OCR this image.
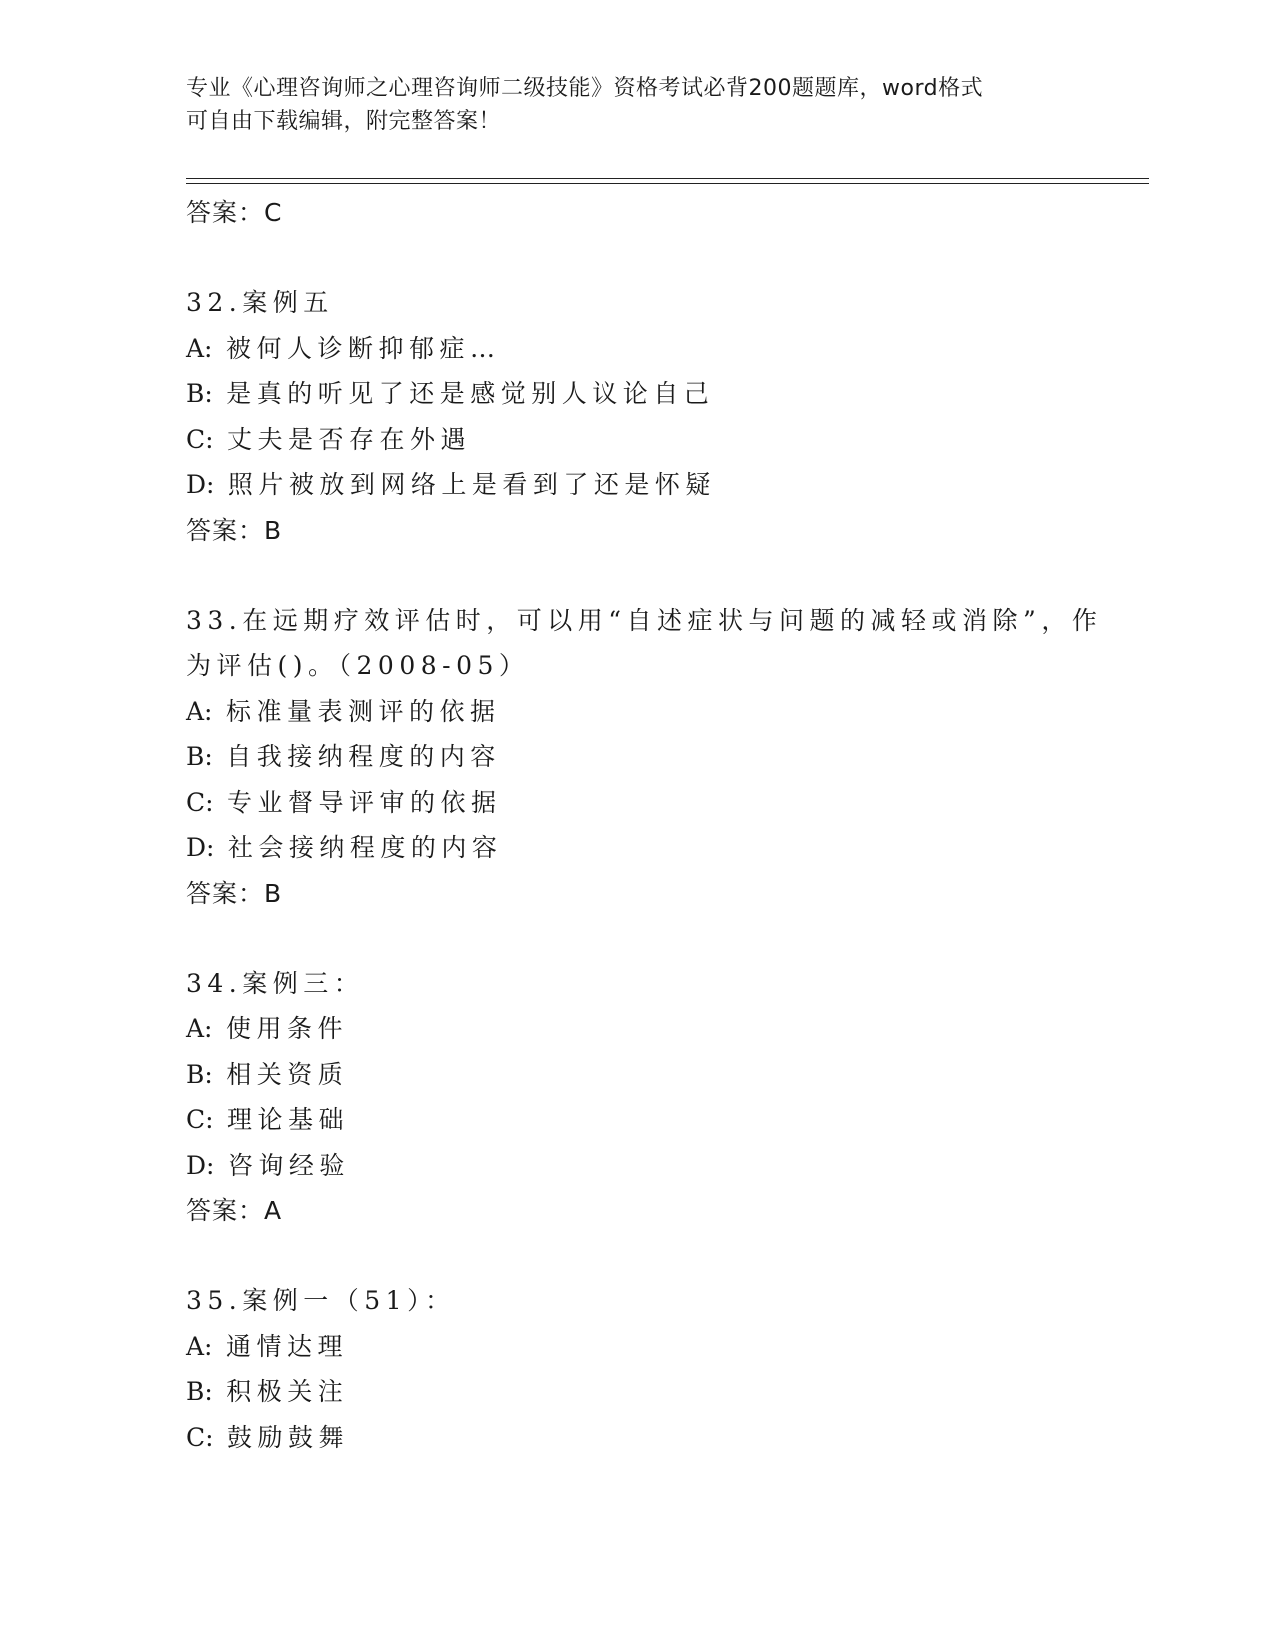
专业《心理咨询师之心理咨询师二级技能》资格考试必背200题题库，word格式
可自由下载编辑，附完整答案！
答案：C
32.案例五
A: 被何人诊断抑郁症…
B: 是真的听见了还是感觉别人议论自己
C: 丈夫是否存在外遇
D: 照片被放到网络上是看到了还是怀疑
答案：B
33.在远期疗效评估时，可以用“自述症状与问题的减轻或消除”，作
为评估()。（2008-05）
A: 标准量表测评的依据
B: 自我接纳程度的内容
C: 专业督导评审的依据
D: 社会接纳程度的内容
答案：B
34.案例三：
A: 使用条件
B: 相关资质
C: 理论基础
D: 咨询经验
答案：A
35.案例一（51）：
A: 通情达理
B: 积极关注
C: 鼓励鼓舞
